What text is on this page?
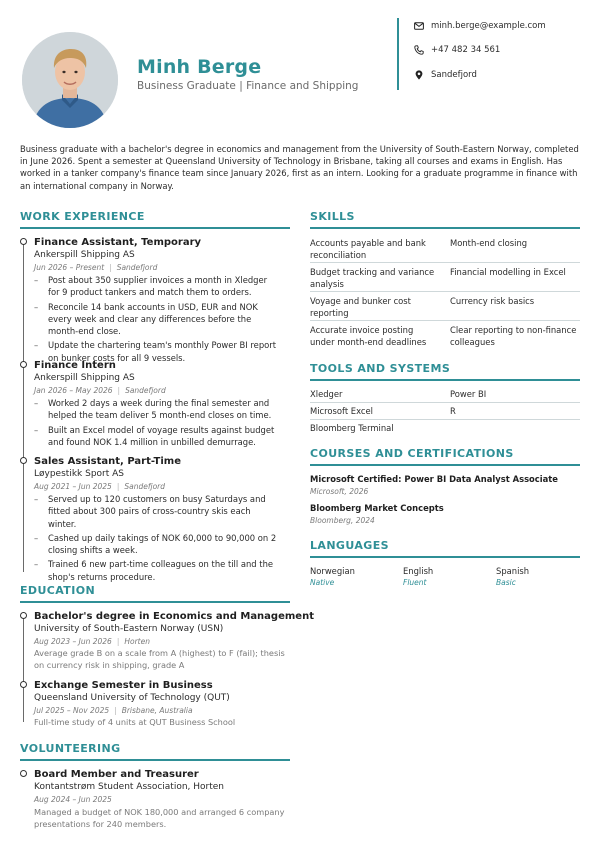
Minh Berge
Business Graduate | Finance and Shipping
minh.berge@example.com
+47 482 34 561
Sandefjord
Business graduate with a bachelor's degree in economics and management from the University of South-Eastern Norway, completed in June 2026. Spent a semester at Queensland University of Technology in Brisbane, taking all courses and exams in English. Has worked in a tanker company's finance team since January 2026, first as an intern. Looking for a graduate programme in finance with an international company in Norway.
WORK EXPERIENCE
Finance Assistant, Temporary
Ankerspill Shipping AS
Jun 2026 – Present | Sandefjord
– Post about 350 supplier invoices a month in Xledger for 9 product tankers and match them to orders.
– Reconcile 14 bank accounts in USD, EUR and NOK every week and clear any differences before the month-end close.
– Update the chartering team's monthly Power BI report on bunker costs for all 9 vessels.
Finance Intern
Ankerspill Shipping AS
Jan 2026 – May 2026 | Sandefjord
– Worked 2 days a week during the final semester and helped the team deliver 5 month-end closes on time.
– Built an Excel model of voyage results against budget and found NOK 1.4 million in unbilled demurrage.
Sales Assistant, Part-Time
Løypestikk Sport AS
Aug 2021 – Jun 2025 | Sandefjord
– Served up to 120 customers on busy Saturdays and fitted about 300 pairs of cross-country skis each winter.
– Cashed up daily takings of NOK 60,000 to 90,000 on 2 closing shifts a week.
– Trained 6 new part-time colleagues on the till and the shop's returns procedure.
EDUCATION
Bachelor's degree in Economics and Management
University of South-Eastern Norway (USN)
Aug 2023 – Jun 2026 | Horten
Average grade B on a scale from A (highest) to F (fail); thesis on currency risk in shipping, grade A
Exchange Semester in Business
Queensland University of Technology (QUT)
Jul 2025 – Nov 2025 | Brisbane, Australia
Full-time study of 4 units at QUT Business School
VOLUNTEERING
Board Member and Treasurer
Kontantstrøm Student Association, Horten
Aug 2024 – Jun 2025
Managed a budget of NOK 180,000 and arranged 6 company presentations for 240 members.
SKILLS
Accounts payable and bank reconciliation
Month-end closing
Budget tracking and variance analysis
Financial modelling in Excel
Voyage and bunker cost reporting
Currency risk basics
Accurate invoice posting under month-end deadlines
Clear reporting to non-finance colleagues
TOOLS AND SYSTEMS
Xledger	Power BI
Microsoft Excel	R
Bloomberg Terminal
COURSES AND CERTIFICATIONS
Microsoft Certified: Power BI Data Analyst Associate
Microsoft, 2026
Bloomberg Market Concepts
Bloomberg, 2024
LANGUAGES
Norwegian
Native
English
Fluent
Spanish
Basic
